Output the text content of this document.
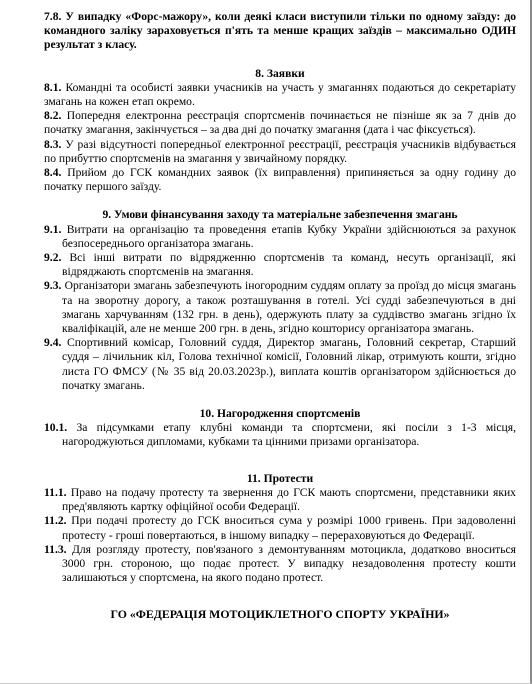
7.8. У випадку «Форс-мажору», коли деякі класи виступили тільки по одному заїзду: до командного заліку зараховується п'ять та менше кращих заїздів – максимально ОДИН результат з класу.

8. Заявки

8.1. Командні та особисті заявки учасників на участь у змаганнях подаються до секретаріату змагань на кожен етап окремо.

8.2. Попередня електронна реєстрація спортсменів починається не пізніше як за 7 днів до початку змагання, закінчується – за два дні до початку змагання (дата і час фіксується).

8.3. У разі відсутності попередньої електронної реєстрації, реєстрація учасників відбувається по прибуттю спортсменів на змагання у звичайному порядку.

8.4. Прийом до ГСК командних заявок (їх виправлення) припиняється за одну годину до початку першого заїзду.

9. Умови фінансування заходу та матеріальне забезпечення змагань

9.1. Витрати на організацію та проведення етапів Кубку України здійснюються за рахунок безпосереднього організатора змагань.

9.2. Всі інші витрати по відрядженню спортсменів та команд, несуть організації, які відряджають спортсменів на змагання.

9.3. Організатори змагань забезпечують іногородним суддям оплату за проїзд до місця змагань та на зворотну дорогу, а також розташування в готелі. Усі судді забезпечуються в дні змагань харчуванням (132 грн. в день), одержують плату за суддівство змагань згідно їх кваліфікацій, але не менше 200 грн. в день, згідно кошторису організатора змагань.

9.4. Спортивний комісар, Головний суддя, Директор змагань, Головний секретар, Старший суддя – лічильник кіл, Голова технічної комісії, Головний лікар, отримують кошти, згідно листа ГО ФМСУ (№ 35 від 20.03.2023р.), виплата коштів організатором здійснюється до початку змагань.

10. Нагородження спортсменів

10.1. За підсумками етапу клубні команди та спортсмени, які посіли з 1-3 місця, нагороджуються дипломами, кубками та цінними призами організатора.

11. Протести

11.1. Право на подачу протесту та звернення до ГСК мають спортсмени, представники яких пред'являють картку офіційної особи Федерації.

11.2. При подачі протесту до ГСК вноситься сума у розмірі 1000 гривень. При задоволенні протесту - гроші повертаються, в іншому випадку – перераховуються до Федерації.

11.3. Для розгляду протесту, пов'язаного з демонтуванням мотоцикла, додатково вноситься 3000 грн. стороною, що подає протест. У випадку незадоволення протесту кошти залишаються у спортсмена, на якого подано протест.

ГО «ФЕДЕРАЦІЯ МОТОЦИКЛЕТНОГО СПОРТУ УКРАЇНИ»
